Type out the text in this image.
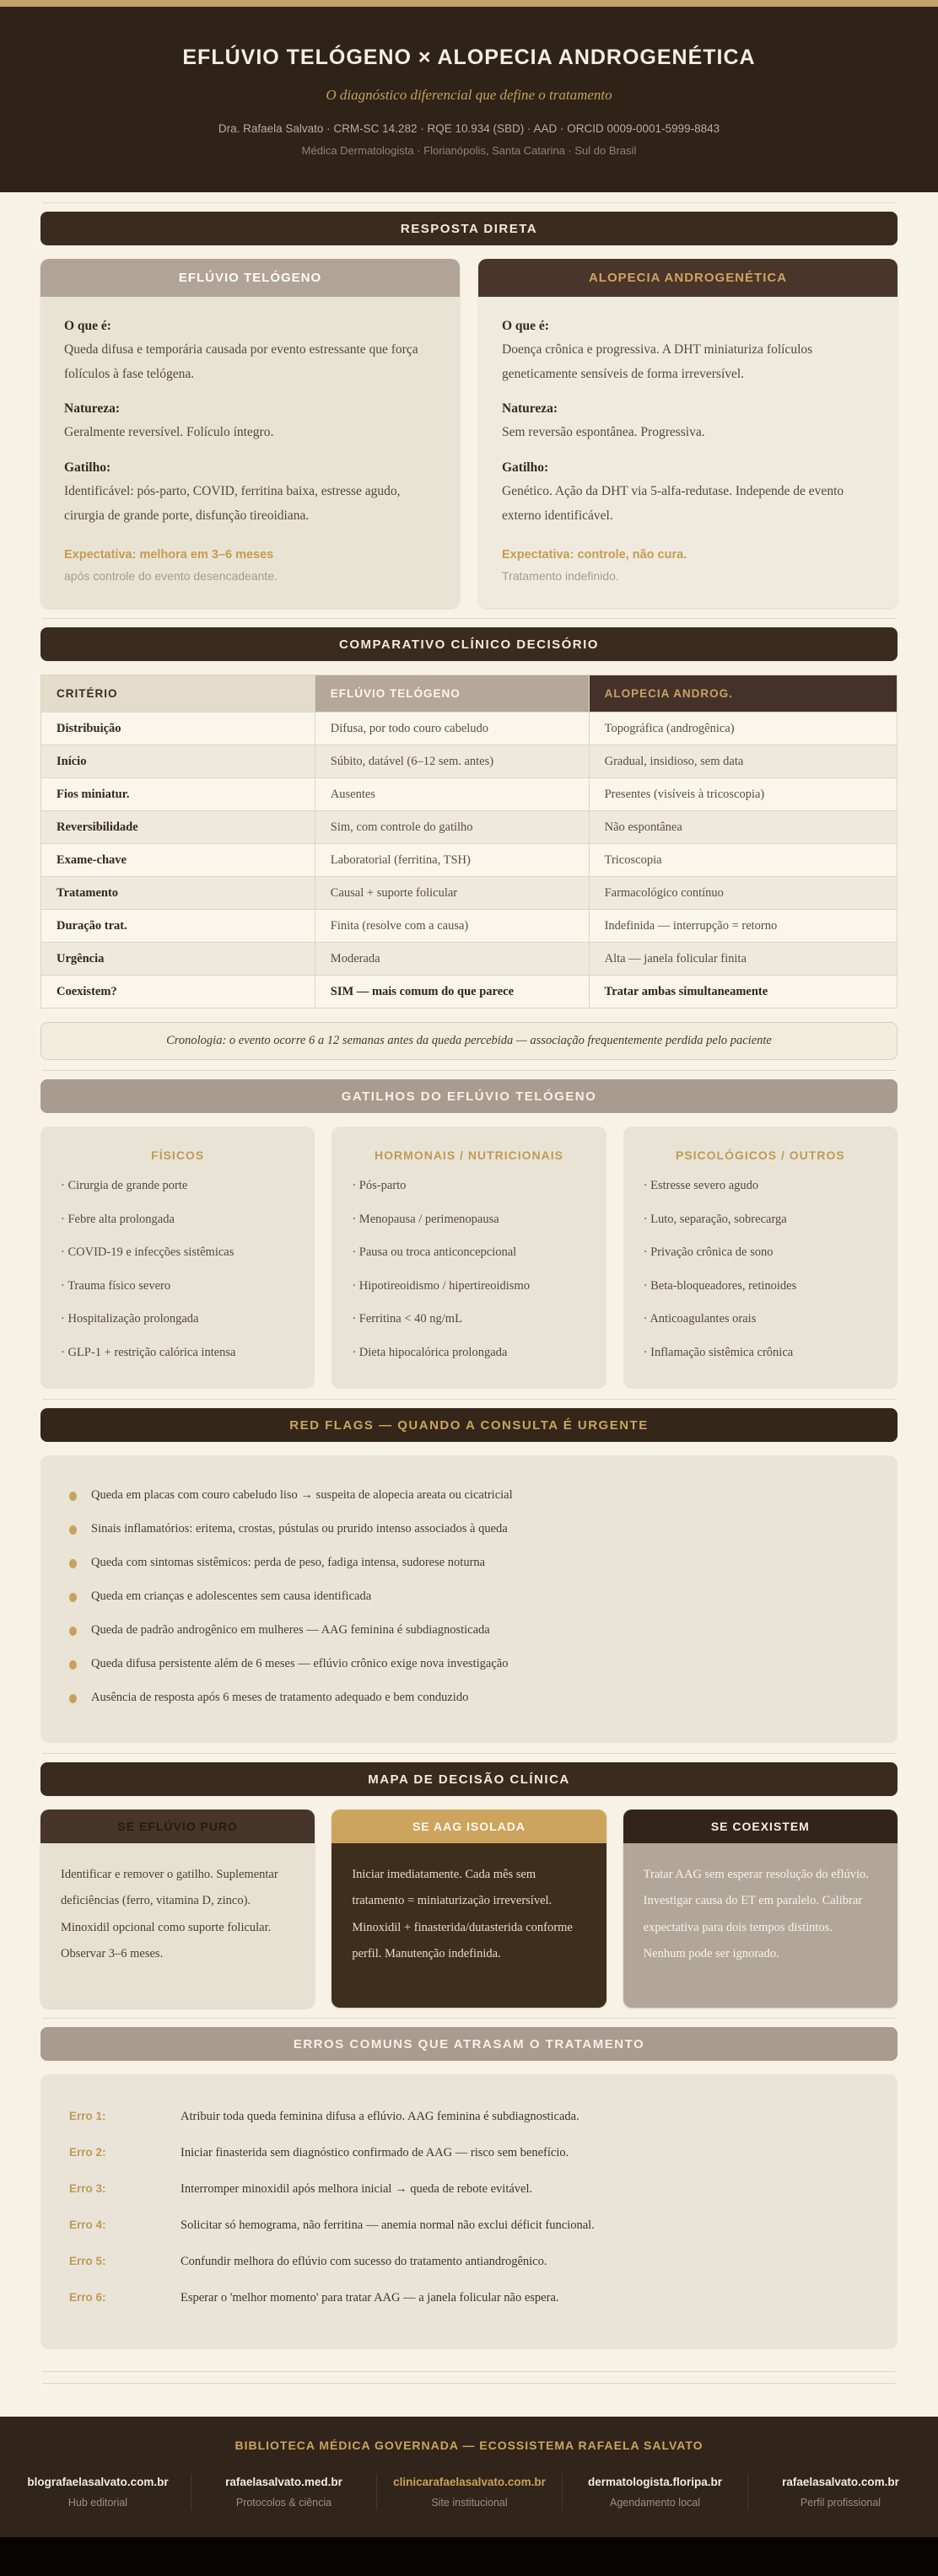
EFLÚVIO TELÓGENO × ALOPECIA ANDROGENÉTICA
O diagnóstico diferencial que define o tratamento
Dra. Rafaela Salvato · CRM-SC 14.282 · RQE 10.934 (SBD) · AAD · ORCID 0009-0001-5999-8843
Médica Dermatologista · Florianópolis, Santa Catarina · Sul do Brasil
RESPOSTA DIRETA
EFLÚVIO TELÓGENO
O que é:
Queda difusa e temporária causada por evento estressante que força folículos à fase telógena.
Natureza:
Geralmente reversível. Folículo íntegro.
Gatilho:
Identificável: pós-parto, COVID, ferritina baixa, estresse agudo, cirurgia de grande porte, disfunção tireoidiana.
Expectativa: melhora em 3–6 meses
após controle do evento desencadeante.
ALOPECIA ANDROGENÉTICA
O que é:
Doença crônica e progressiva. A DHT miniaturiza folículos geneticamente sensíveis de forma irreversível.
Natureza:
Sem reversão espontânea. Progressiva.
Gatilho:
Genético. Ação da DHT via 5-alfa-redutase. Independe de evento externo identificável.
Expectativa: controle, não cura.
Tratamento indefinido.
COMPARATIVO CLÍNICO DECISÓRIO
CRITÉRIO	EFLÚVIO TELÓGENO	ALOPECIA ANDROG.
Distribuição	Difusa, por todo couro cabeludo	Topográfica (androgênica)
Início	Súbito, datável (6–12 sem. antes)	Gradual, insidioso, sem data
Fios miniatur.	Ausentes	Presentes (visíveis à tricoscopia)
Reversibilidade	Sim, com controle do gatilho	Não espontânea
Exame-chave	Laboratorial (ferritina, TSH)	Tricoscopia
Tratamento	Causal + suporte folicular	Farmacológico contínuo
Duração trat.	Finita (resolve com a causa)	Indefinida — interrupção = retorno
Urgência	Moderada	Alta — janela folicular finita
Coexistem?	SIM — mais comum do que parece	Tratar ambas simultaneamente
Cronologia: o evento ocorre 6 a 12 semanas antes da queda percebida — associação frequentemente perdida pelo paciente
GATILHOS DO EFLÚVIO TELÓGENO
FÍSICOS
· Cirurgia de grande porte
· Febre alta prolongada
· COVID-19 e infecções sistêmicas
· Trauma físico severo
· Hospitalização prolongada
· GLP-1 + restrição calórica intensa
HORMONAIS / NUTRICIONAIS
· Pós-parto
· Menopausa / perimenopausa
· Pausa ou troca anticoncepcional
· Hipotireoidismo / hipertireoidismo
· Ferritina < 40 ng/mL
· Dieta hipocalórica prolongada
PSICOLÓGICOS / OUTROS
· Estresse severo agudo
· Luto, separação, sobrecarga
· Privação crônica de sono
· Beta-bloqueadores, retinoides
· Anticoagulantes orais
· Inflamação sistêmica crônica
RED FLAGS — QUANDO A CONSULTA É URGENTE
Queda em placas com couro cabeludo liso → suspeita de alopecia areata ou cicatricial
Sinais inflamatórios: eritema, crostas, pústulas ou prurido intenso associados à queda
Queda com sintomas sistêmicos: perda de peso, fadiga intensa, sudorese noturna
Queda em crianças e adolescentes sem causa identificada
Queda de padrão androgênico em mulheres — AAG feminina é subdiagnosticada
Queda difusa persistente além de 6 meses — eflúvio crônico exige nova investigação
Ausência de resposta após 6 meses de tratamento adequado e bem conduzido
MAPA DE DECISÃO CLÍNICA
SE EFLÚVIO PURO
Identificar e remover o gatilho. Suplementar deficiências (ferro, vitamina D, zinco). Minoxidil opcional como suporte folicular. Observar 3–6 meses.
SE AAG ISOLADA
Iniciar imediatamente. Cada mês sem tratamento = miniaturização irreversível. Minoxidil + finasterida/dutasterida conforme perfil. Manutenção indefinida.
SE COEXISTEM
Tratar AAG sem esperar resolução do eflúvio. Investigar causa do ET em paralelo. Calibrar expectativa para dois tempos distintos. Nenhum pode ser ignorado.
ERROS COMUNS QUE ATRASAM O TRATAMENTO
Erro 1:	Atribuir toda queda feminina difusa a eflúvio. AAG feminina é subdiagnosticada.
Erro 2:	Iniciar finasterida sem diagnóstico confirmado de AAG — risco sem benefício.
Erro 3:	Interromper minoxidil após melhora inicial → queda de rebote evitável.
Erro 4:	Solicitar só hemograma, não ferritina — anemia normal não exclui déficit funcional.
Erro 5:	Confundir melhora do eflúvio com sucesso do tratamento antiandrogênico.
Erro 6:	Esperar o 'melhor momento' para tratar AAG — a janela folicular não espera.
BIBLIOTECA MÉDICA GOVERNADA — ECOSSISTEMA RAFAELA SALVATO
blografaelasalvato.com.br
Hub editorial
rafaelasalvato.med.br
Protocolos & ciência
clinicarafaelasalvato.com.br
Site institucional
dermatologista.floripa.br
Agendamento local
rafaelasalvato.com.br
Perfil profissional
